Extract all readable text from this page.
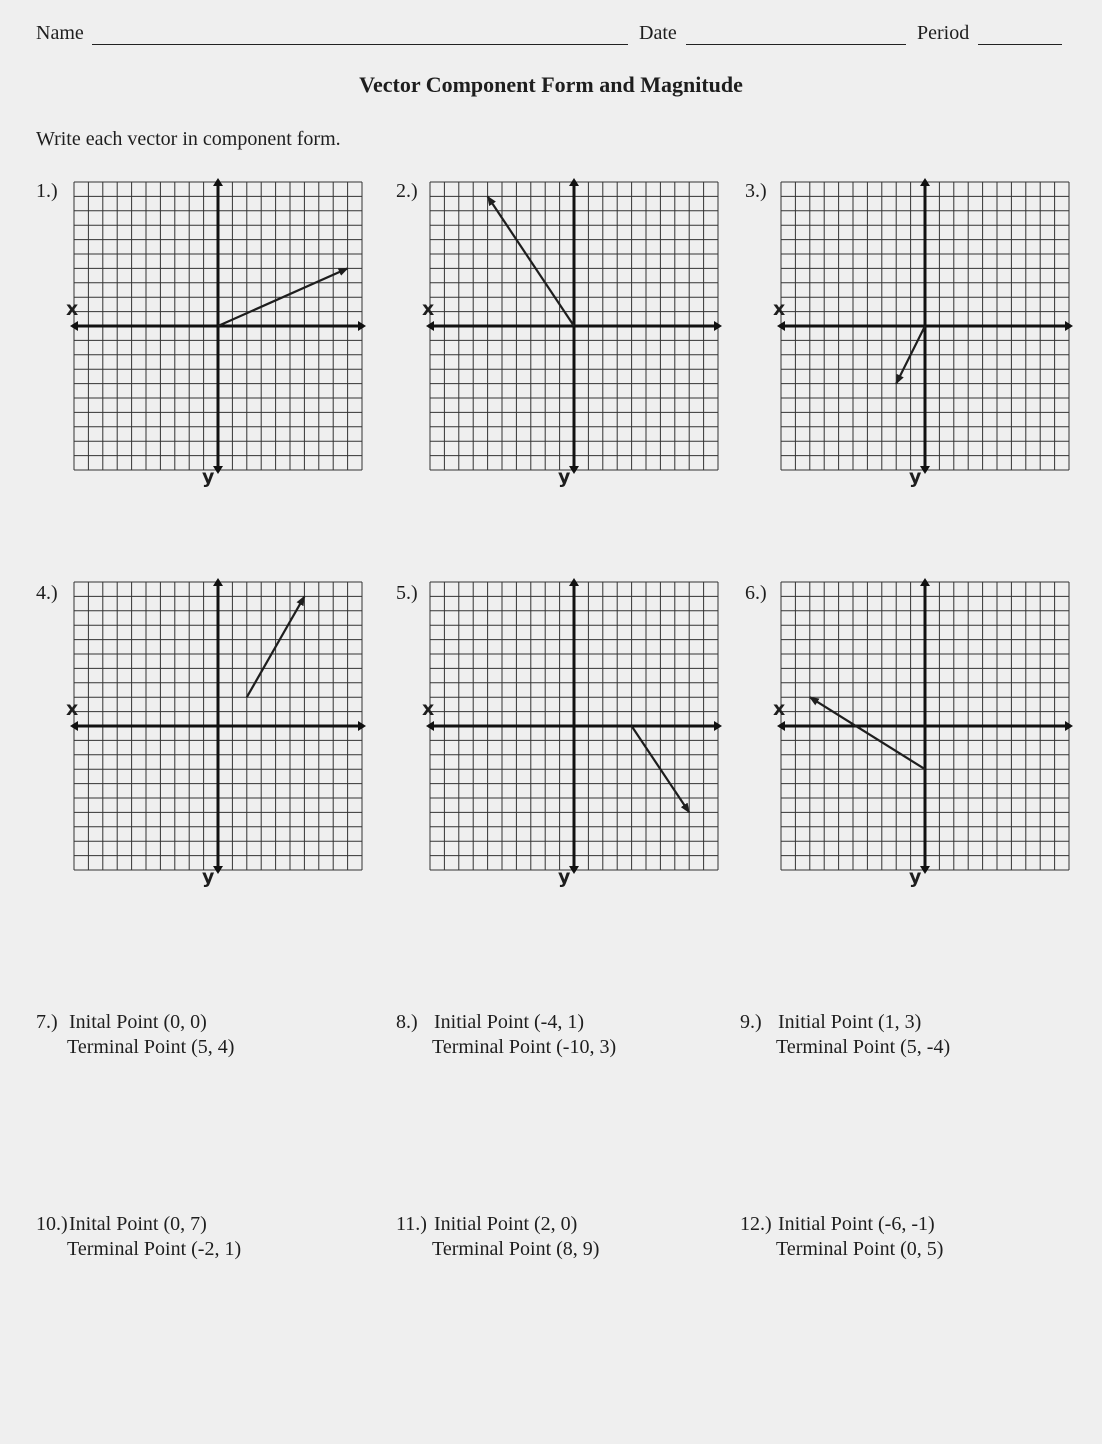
Name	Date	Period
Vector Component Form and Magnitude
Write each vector in component form.
1.)
x
y
2.)
x
y
3.)
x
y
4.)
x
y
5.)
x
y
6.)
x
y
7.) Inital Point (0, 0)
Terminal Point (5, 4)
8.) Initial Point (-4, 1)
Terminal Point (-10, 3)
9.) Initial Point (1, 3)
Terminal Point (5, -4)
10.)Inital Point (0, 7)
Terminal Point (-2, 1)
11.) Initial Point (2, 0)
Terminal Point (8, 9)
12.) Initial Point (-6, -1)
Terminal Point (0, 5)
